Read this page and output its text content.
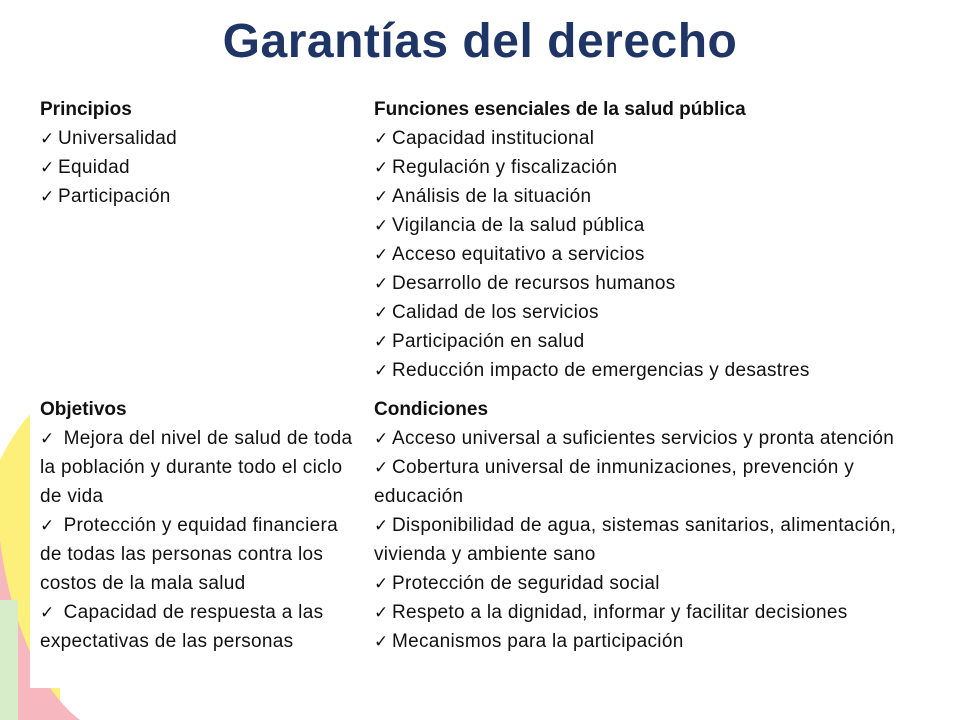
Garantías del derecho
Principios
✓ Universalidad
✓ Equidad
✓ Participación
Funciones esenciales de la salud pública
✓ Capacidad institucional
✓ Regulación y fiscalización
✓ Análisis de la situación
✓ Vigilancia de la salud pública
✓ Acceso equitativo a servicios
✓ Desarrollo de recursos humanos
✓ Calidad de los servicios
✓ Participación en salud
✓ Reducción impacto de emergencias y desastres
Objetivos
✓ Mejora del nivel de salud de toda la población y durante todo el ciclo de vida
✓ Protección y equidad financiera de todas las personas contra los costos de la mala salud
✓ Capacidad de respuesta a las expectativas de las personas
Condiciones
✓ Acceso universal a suficientes servicios y pronta atención
✓ Cobertura universal de inmunizaciones, prevención y educación
✓ Disponibilidad de agua, sistemas sanitarios, alimentación, vivienda y ambiente sano
✓ Protección de seguridad social
✓ Respeto a la dignidad, informar y facilitar decisiones
✓ Mecanismos para la participación
